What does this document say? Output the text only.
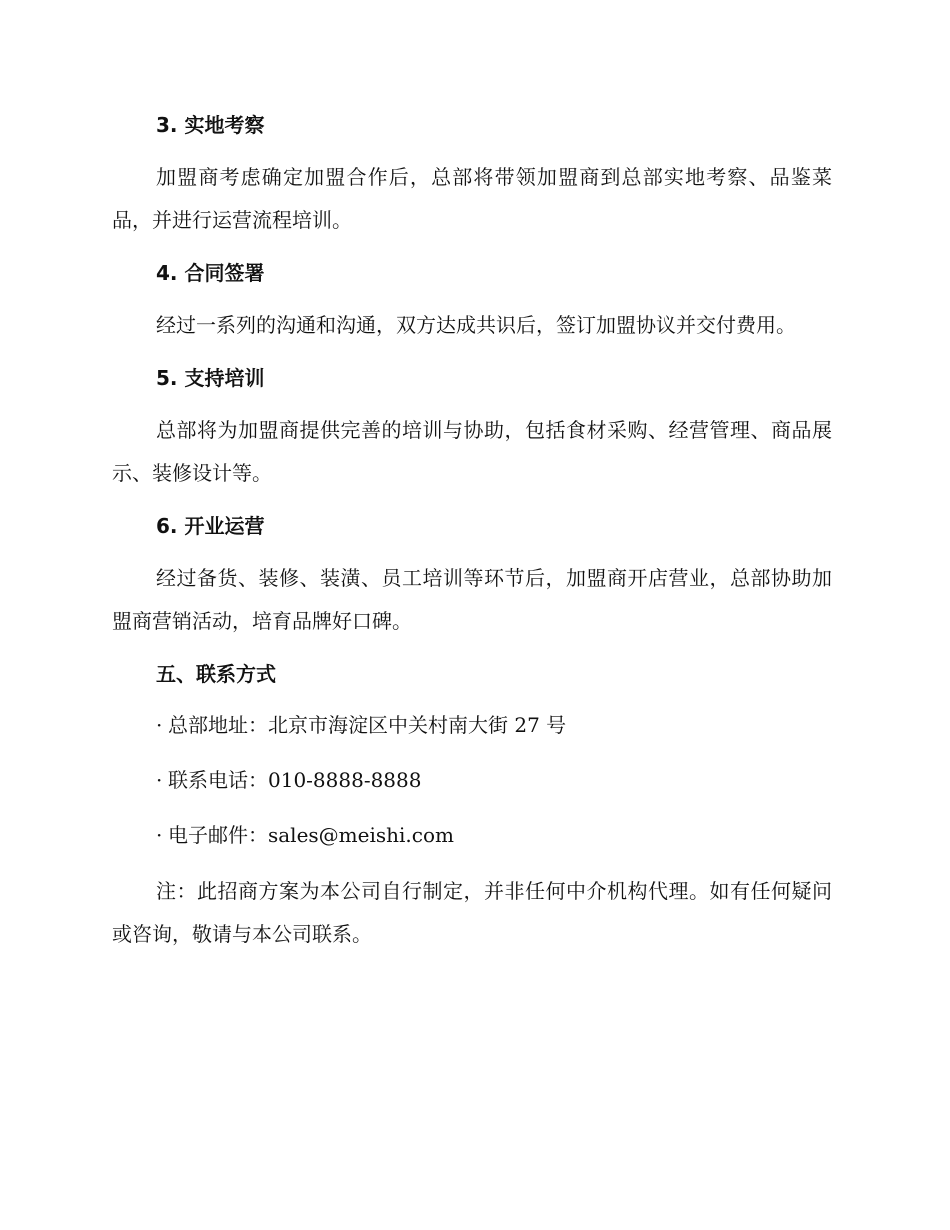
3. 实地考察

加盟商考虑确定加盟合作后，总部将带领加盟商到总部实地考察、品鉴菜品，并进行运营流程培训。

4. 合同签署

经过一系列的沟通和沟通，双方达成共识后，签订加盟协议并交付费用。

5. 支持培训

总部将为加盟商提供完善的培训与协助，包括食材采购、经营管理、商品展示、装修设计等。

6. 开业运营

经过备货、装修、装潢、员工培训等环节后，加盟商开店营业，总部协助加盟商营销活动，培育品牌好口碑。

五、联系方式
· 总部地址：北京市海淀区中关村南大街 27 号
· 联系电话：010-8888-8888
· 电子邮件：sales@meishi.com

注：此招商方案为本公司自行制定，并非任何中介机构代理。如有任何疑问或咨询，敬请与本公司联系。
